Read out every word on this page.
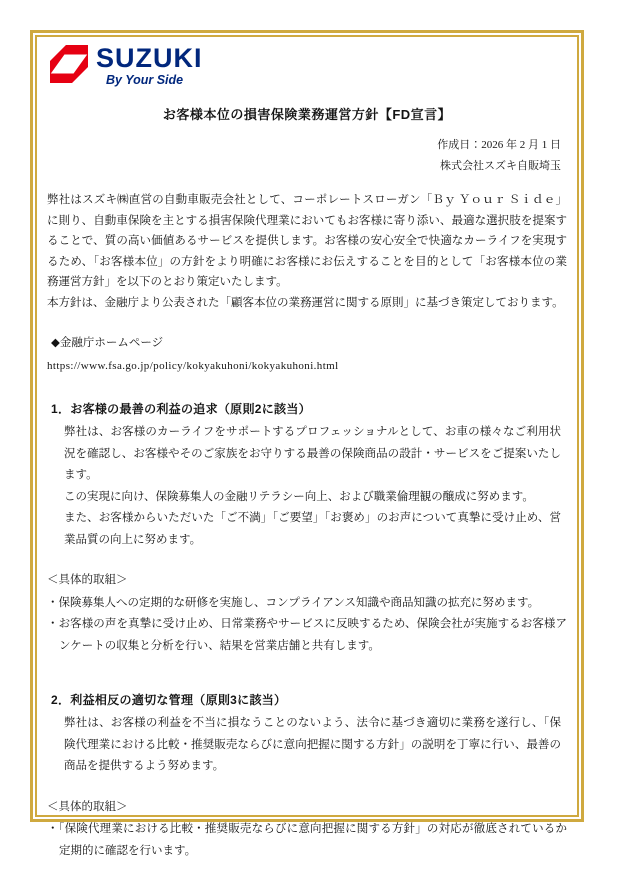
SUZUKI
By Your Side
お客様本位の損害保険業務運営方針【FD宣言】
作成日：2026 年 2 月 1 日
株式会社スズキ自販埼玉

弊社はスズキ㈱直営の自動車販売会社として、コーポレートスローガン「Ｂｙ Ｙｏｕｒ Ｓｉｄｅ」に則り、自動車保険を主とする損害保険代理業においてもお客様に寄り添い、最適な選択肢を提案することで、質の高い価値あるサービスを提供します。お客様の安心安全で快適なカーライフを実現するため、「お客様本位」の方針をより明確にお客様にお伝えすることを目的として「お客様本位の業務運営方針」を以下のとおり策定いたします。

本方針は、金融庁より公表された「顧客本位の業務運営に関する原則」に基づき策定しております。

◆金融庁ホームページ
https://www.fsa.go.jp/policy/kokyakuhoni/kokyakuhoni.html
1．お客様の最善の利益の追求（原則2に該当）

弊社は、お客様のカーライフをサポートするプロフェッショナルとして、お車の様々なご利用状況を確認し、お客様やそのご家族をお守りする最善の保険商品の設計・サービスをご提案いたします。

この実現に向け、保険募集人の金融リテラシー向上、および職業倫理観の醸成に努めます。

また、お客様からいただいた「ご不満」「ご要望」「お褒め」のお声について真摯に受け止め、営業品質の向上に努めます。

＜具体的取組＞

・保険募集人への定期的な研修を実施し、コンプライアンス知識や商品知識の拡充に努めます。

・お客様の声を真摯に受け止め、日常業務やサービスに反映するため、保険会社が実施するお客様アンケートの収集と分析を行い、結果を営業店舗と共有します。

2．利益相反の適切な管理（原則3に該当）

弊社は、お客様の利益を不当に損なうことのないよう、法令に基づき適切に業務を遂行し、「保険代理業における比較・推奨販売ならびに意向把握に関する方針」の説明を丁寧に行い、最善の商品を提供するよう努めます。

＜具体的取組＞

・「保険代理業における比較・推奨販売ならびに意向把握に関する方針」の対応が徹底されているか定期的に確認を行います。
